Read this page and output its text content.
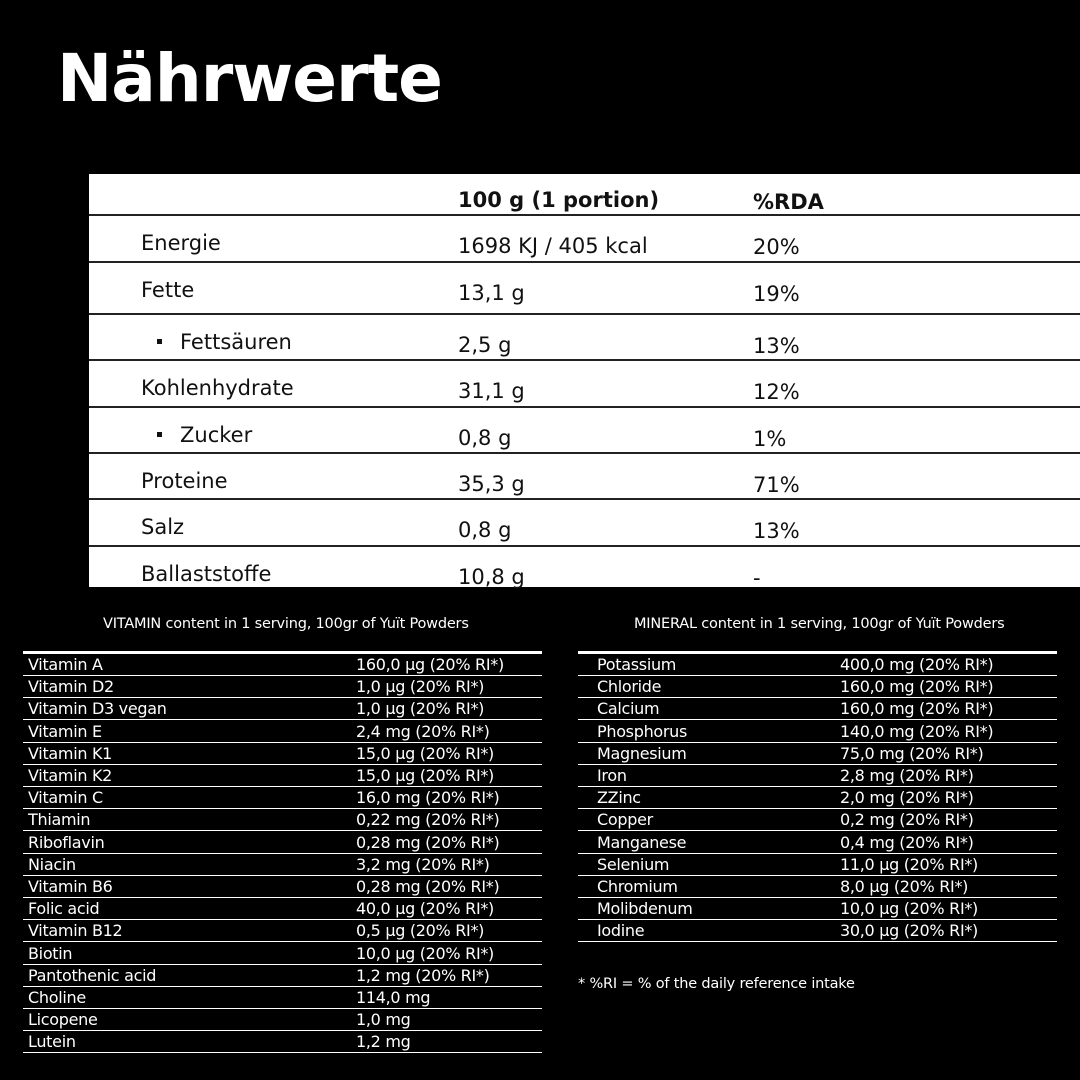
Nährwerte
100 g (1 portion)	%RDA
Energie	1698 KJ / 405 kcal	20%
Fette	13,1 g	19%
Fettsäuren	2,5 g	13%
Kohlenhydrate	31,1 g	12%
Zucker	0,8 g	1%
Proteine	35,3 g	71%
Salz	0,8 g	13%
Ballaststoffe	10,8 g	-
VITAMIN content in 1 serving, 100gr of Yuït Powders	MINERAL content in 1 serving, 100gr of Yuït Powders
Vitamin A	160,0 µg (20% RI*)
Vitamin D2	1,0 µg (20% RI*)
Vitamin D3 vegan	1,0 µg (20% RI*)
Vitamin E	2,4 mg (20% RI*)
Vitamin K1	15,0 µg (20% RI*)
Vitamin K2	15,0 µg (20% RI*)
Vitamin C	16,0 mg (20% RI*)
Thiamin	0,22 mg (20% RI*)
Riboflavin	0,28 mg (20% RI*)
Niacin	3,2 mg (20% RI*)
Vitamin B6	0,28 mg (20% RI*)
Folic acid	40,0 µg (20% RI*)
Vitamin B12	0,5 µg (20% RI*)
Biotin	10,0 µg (20% RI*)
Pantothenic acid	1,2 mg (20% RI*)
Choline	114,0 mg
Licopene	1,0 mg
Lutein	1,2 mg
Potassium	400,0 mg (20% RI*)
Chloride	160,0 mg (20% RI*)
Calcium	160,0 mg (20% RI*)
Phosphorus	140,0 mg (20% RI*)
Magnesium	75,0 mg (20% RI*)
Iron	2,8 mg (20% RI*)
ZZinc	2,0 mg (20% RI*)
Copper	0,2 mg (20% RI*)
Manganese	0,4 mg (20% RI*)
Selenium	11,0 µg (20% RI*)
Chromium	8,0 µg (20% RI*)
Molibdenum	10,0 µg (20% RI*)
Iodine	30,0 µg (20% RI*)
* %RI = % of the daily reference intake
